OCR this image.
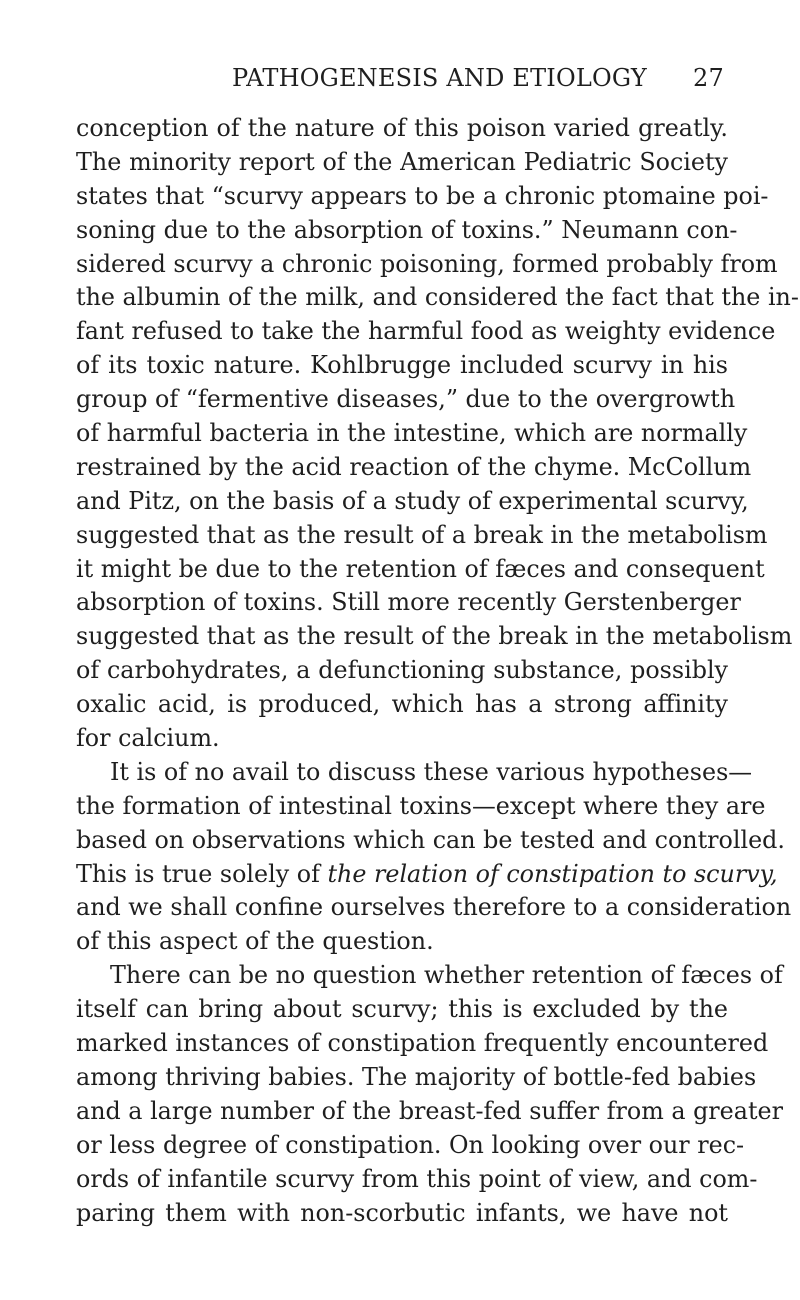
PATHOGENESIS AND ETIOLOGY 27
conception of the nature of this poison varied greatly.
The minority report of the American Pediatric Society
states that “scurvy appears to be a chronic ptomaine poi-
soning due to the absorption of toxins.” Neumann con-
sidered scurvy a chronic poisoning, formed probably from
the albumin of the milk, and considered the fact that the in-
fant refused to take the harmful food as weighty evidence
of its toxic nature. Kohlbrugge included scurvy in his
group of “fermentive diseases,” due to the overgrowth
of harmful bacteria in the intestine, which are normally
restrained by the acid reaction of the chyme. McCollum
and Pitz, on the basis of a study of experimental scurvy,
suggested that as the result of a break in the metabolism
it might be due to the retention of fæces and consequent
absorption of toxins. Still more recently Gerstenberger
suggested that as the result of the break in the metabolism
of carbohydrates, a defunctioning substance, possibly
oxalic acid, is produced, which has a strong affinity
for calcium.
It is of no avail to discuss these various hypotheses—
the formation of intestinal toxins—except where they are
based on observations which can be tested and controlled.
This is true solely of the relation of constipation to scurvy,
and we shall confine ourselves therefore to a consideration
of this aspect of the question.
There can be no question whether retention of fæces of
itself can bring about scurvy; this is excluded by the
marked instances of constipation frequently encountered
among thriving babies. The majority of bottle-fed babies
and a large number of the breast-fed suffer from a greater
or less degree of constipation. On looking over our rec-
ords of infantile scurvy from this point of view, and com-
paring them with non-scorbutic infants, we have not
